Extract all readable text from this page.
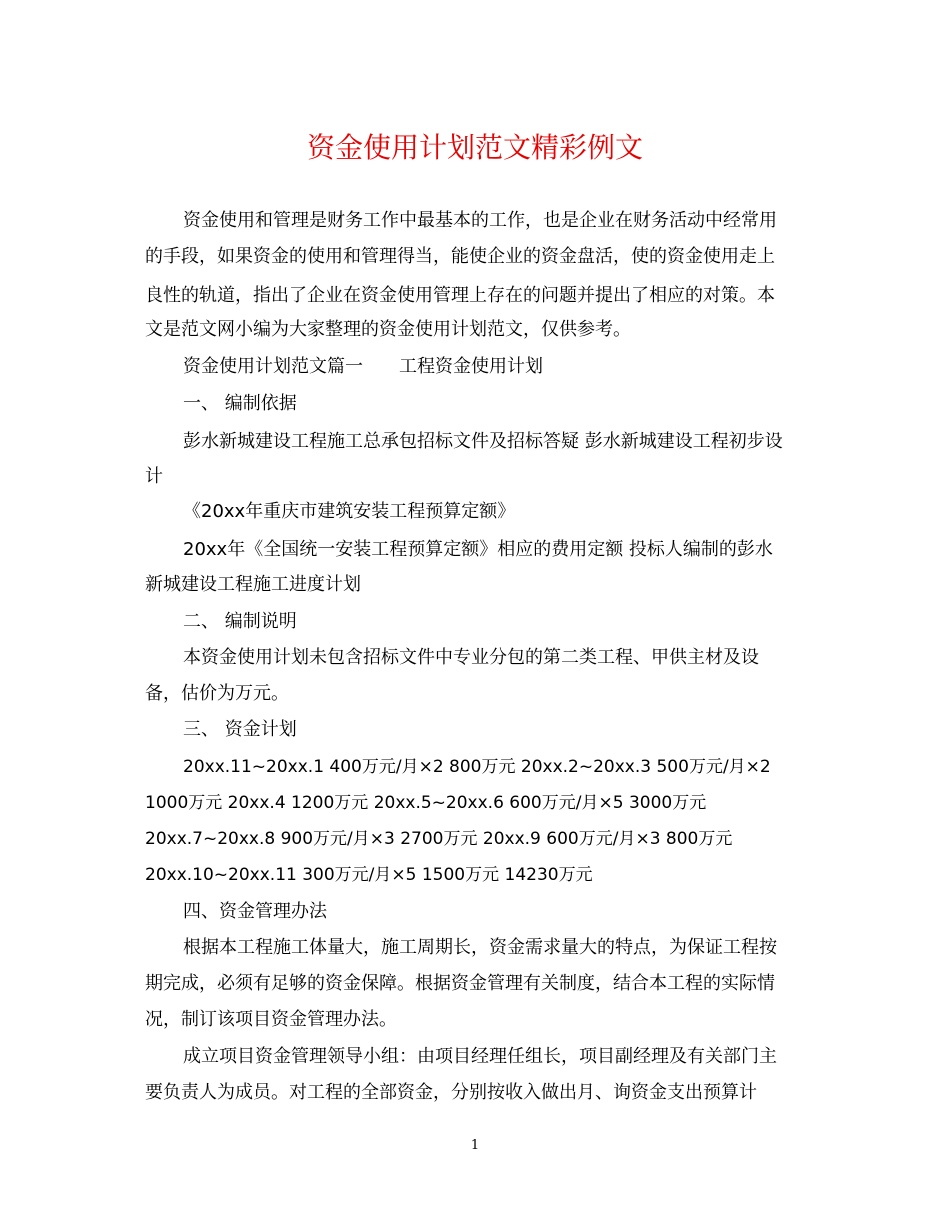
资金使用计划范文精彩例文

资金使用和管理是财务工作中最基本的工作，也是企业在财务活动中经常用

的手段，如果资金的使用和管理得当，能使企业的资金盘活，使的资金使用走上

良性的轨道，指出了企业在资金使用管理上存在的问题并提出了相应的对策。本

文是范文网小编为大家整理的资金使用计划范文，仅供参考。

资金使用计划范文篇一 工程资金使用计划

一、 编制依据

彭水新城建设工程施工总承包招标文件及招标答疑 彭水新城建设工程初步设

计

《20xx年重庆市建筑安装工程预算定额》

20xx年《全国统一安装工程预算定额》相应的费用定额 投标人编制的彭水

新城建设工程施工进度计划

二、 编制说明

本资金使用计划未包含招标文件中专业分包的第二类工程、甲供主材及设

备，估价为万元。

三、 资金计划

20xx.11~20xx.1 400万元/月×2 800万元 20xx.2~20xx.3 500万元/月×2

1000万元 20xx.4 1200万元 20xx.5~20xx.6 600万元/月×5 3000万元

20xx.7~20xx.8 900万元/月×3 2700万元 20xx.9 600万元/月×3 800万元

20xx.10~20xx.11 300万元/月×5 1500万元 14230万元

四、资金管理办法

根据本工程施工体量大，施工周期长，资金需求量大的特点，为保证工程按

期完成，必须有足够的资金保障。根据资金管理有关制度，结合本工程的实际情

况，制订该项目资金管理办法。

成立项目资金管理领导小组：由项目经理任组长，项目副经理及有关部门主

要负责人为成员。对工程的全部资金，分别按收入做出月、询资金支出预算计

1
